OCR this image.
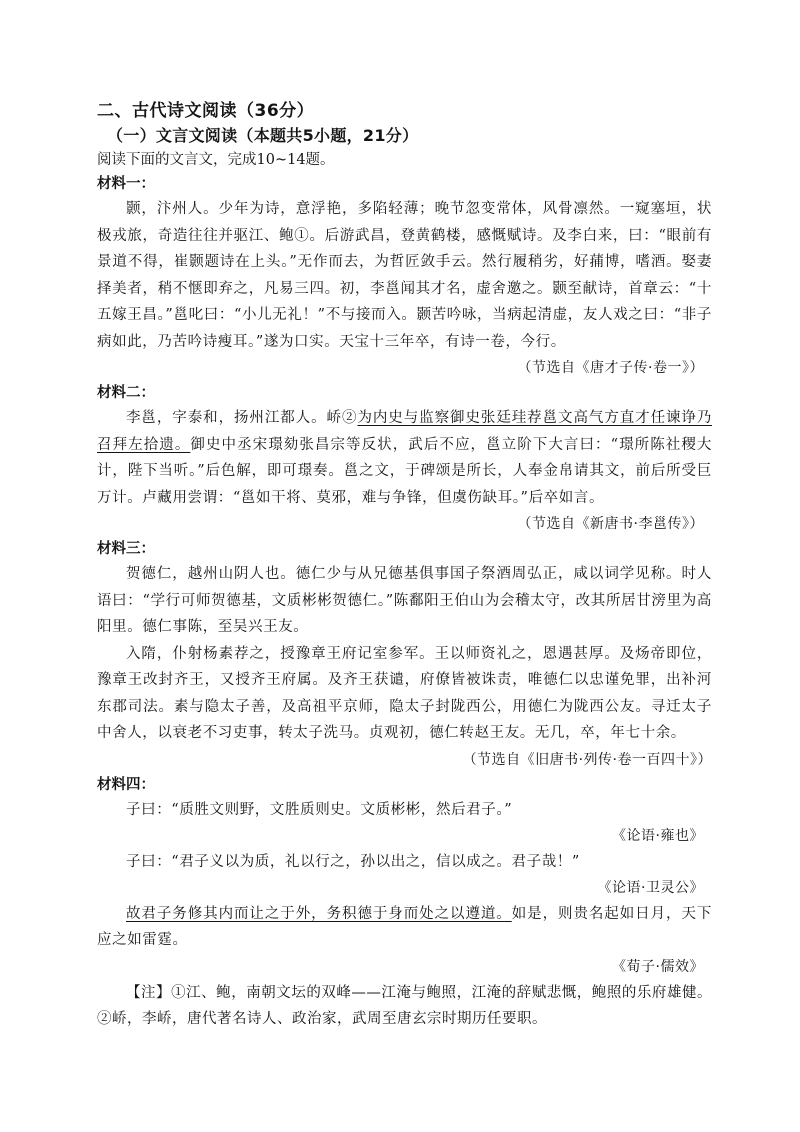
二、古代诗文阅读（36分）

（一）文言文阅读（本题共5小题，21分）

阅读下面的文言文，完成10~14题。

材料一：

颢，汴州人。少年为诗，意浮艳，多陷轻薄；晚节忽变常体，风骨凛然。一窥塞垣，状极戎旅，奇造往往并驱江、鲍①。后游武昌，登黄鹤楼，感慨赋诗。及李白来，曰：“眼前有景道不得，崔颢题诗在上头。”无作而去，为哲匠敛手云。然行履稍劣，好蒱博，嗜酒。娶妻择美者，稍不惬即弃之，凡易三四。初，李邕闻其才名，虚舍邀之。颢至献诗，首章云：“十五嫁王昌。”邕叱曰：“小儿无礼！”不与接而入。颢苦吟咏，当病起清虚，友人戏之曰：“非子病如此，乃苦吟诗瘦耳。”遂为口实。天宝十三年卒，有诗一卷，今行。

（节选自《唐才子传·卷一》）

材料二：

李邕，字泰和，扬州江都人。峤②为内史与监察御史张廷珪荐邕文高气方直才任谏诤乃召拜左拾遗。御史中丞宋璟劾张昌宗等反状，武后不应，邕立阶下大言曰：“璟所陈社稷大计，陛下当听。”后色解，即可璟奏。邕之文，于碑颂是所长，人奉金帛请其文，前后所受巨万计。卢藏用尝谓：“邕如干将、莫邪，难与争锋，但虞伤缺耳。”后卒如言。

（节选自《新唐书·李邕传》）

材料三：

贺德仁，越州山阴人也。德仁少与从兄德基俱事国子祭酒周弘正，咸以词学见称。时人语曰：“学行可师贺德基，文质彬彬贺德仁。”陈鄱阳王伯山为会稽太守，改其所居甘滂里为高阳里。德仁事陈，至吴兴王友。

入隋，仆射杨素荐之，授豫章王府记室参军。王以师资礼之，恩遇甚厚。及炀帝即位，豫章王改封齐王，又授齐王府属。及齐王获谴，府僚皆被诛责，唯德仁以忠谨免罪，出补河东郡司法。素与隐太子善，及高祖平京师，隐太子封陇西公，用德仁为陇西公友。寻迁太子中舍人，以衰老不习吏事，转太子洗马。贞观初，德仁转赵王友。无几，卒，年七十余。

（节选自《旧唐书·列传·卷一百四十》）

材料四：

子曰：“质胜文则野，文胜质则史。文质彬彬，然后君子。”

《论语·雍也》

子曰：“君子义以为质，礼以行之，孙以出之，信以成之。君子哉！”

《论语·卫灵公》

故君子务修其内而让之于外，务积德于身而处之以遵道。如是，则贵名起如日月，天下应之如雷霆。

《荀子·儒效》

【注】①江、鲍，南朝文坛的双峰——江淹与鲍照，江淹的辞赋悲慨，鲍照的乐府雄健。②峤，李峤，唐代著名诗人、政治家，武周至唐玄宗时期历任要职。
